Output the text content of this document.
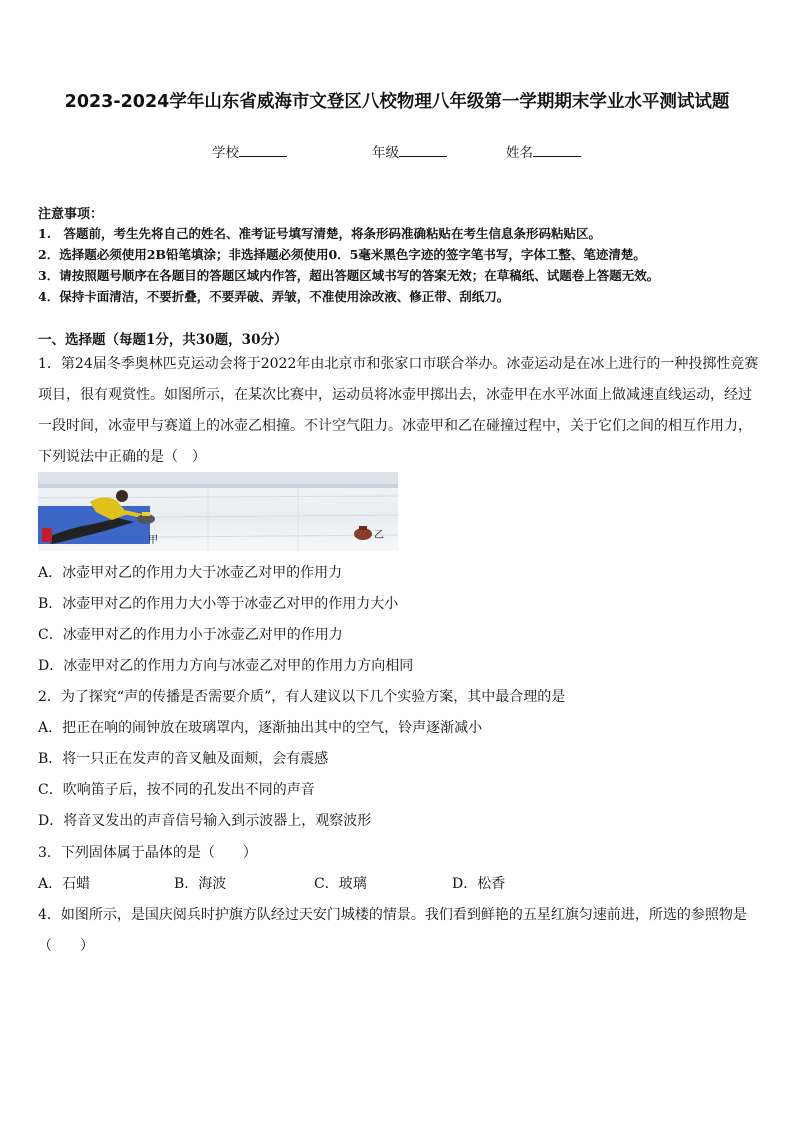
2023-2024学年山东省威海市文登区八校物理八年级第一学期期末学业水平测试试题
学校	年级	姓名
注意事项：
1.　答题前，考生先将自己的姓名、准考证号填写清楚，将条形码准确粘贴在考生信息条形码粘贴区。
2．选择题必须使用2B铅笔填涂；非选择题必须使用0．5毫米黑色字迹的签字笔书写，字体工整、笔迹清楚。
3．请按照题号顺序在各题目的答题区域内作答，超出答题区域书写的答案无效；在草稿纸、试题卷上答题无效。
4．保持卡面清洁，不要折叠，不要弄破、弄皱，不准使用涂改液、修正带、刮纸刀。
一、选择题（每题1分，共30题，30分）
1．第24届冬季奥林匹克运动会将于2022年由北京市和张家口市联合举办。冰壶运动是在冰上进行的一种投掷性竞赛
项目，很有观赏性。如图所示，在某次比赛中，运动员将冰壶甲掷出去，冰壶甲在水平冰面上做减速直线运动，经过
一段时间，冰壶甲与赛道上的冰壶乙相撞。不计空气阻力。冰壶甲和乙在碰撞过程中，关于它们之间的相互作用力，
下列说法中正确的是（　）
甲	乙
A．冰壶甲对乙的作用力大于冰壶乙对甲的作用力
B．冰壶甲对乙的作用力大小等于冰壶乙对甲的作用力大小
C．冰壶甲对乙的作用力小于冰壶乙对甲的作用力
D．冰壶甲对乙的作用力方向与冰壶乙对甲的作用力方向相同
2．为了探究“声的传播是否需要介质”，有人建议以下几个实验方案，其中最合理的是
A．把正在响的闹钟放在玻璃罩内，逐渐抽出其中的空气，铃声逐渐减小
B．将一只正在发声的音叉触及面颊，会有震感
C．吹响笛子后，按不同的孔发出不同的声音
D．将音叉发出的声音信号输入到示波器上，观察波形
3．下列固体属于晶体的是（　　）
A．石蜡	B．海波	C．玻璃	D．松香
4．如图所示，是国庆阅兵时护旗方队经过天安门城楼的情景。我们看到鲜艳的五星红旗匀速前进，所选的参照物是
（　　）
